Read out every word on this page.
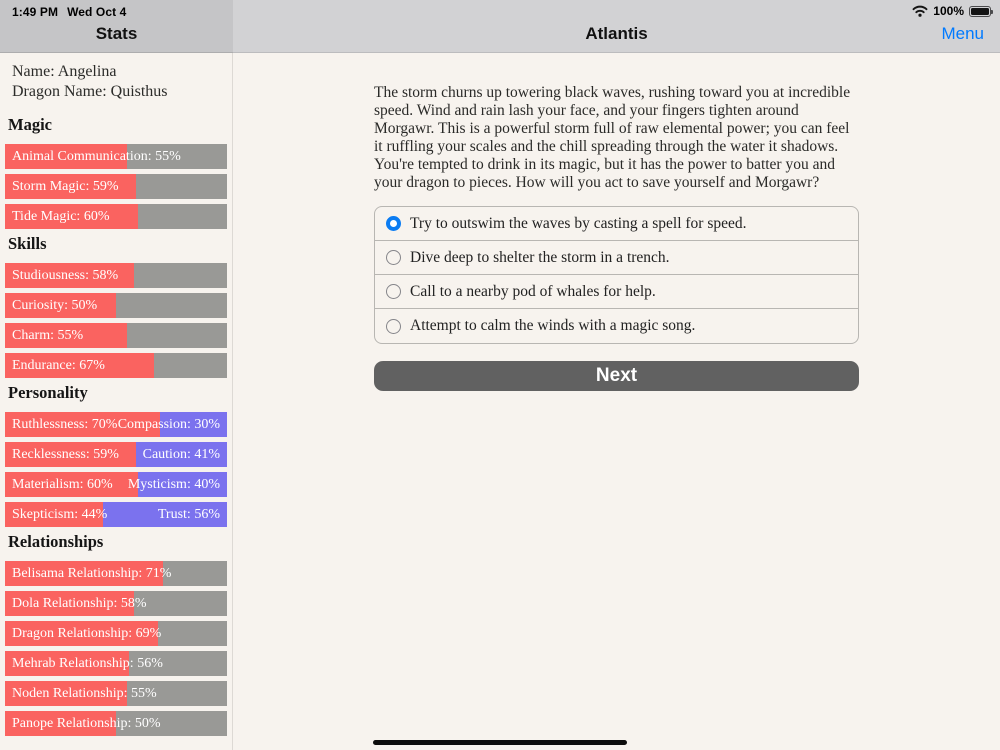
1:49 PM Wed Oct 4
Stats
100%
Atlantis	Menu
Name: Angelina
Dragon Name: Quisthus
Magic
Animal Communication: 55%
Storm Magic: 59%
Tide Magic: 60%
Skills
Studiousness: 58%
Curiosity: 50%
Charm: 55%
Endurance: 67%
Personality
Ruthlessness: 70% Compassion: 30%
Recklessness: 59% Caution: 41%
Materialism: 60% Mysticism: 40%
Skepticism: 44%	Trust: 56%
Relationships
Belisama Relationship: 71%
Dola Relationship: 58%
Dragon Relationship: 69%
Mehrab Relationship: 56%
Noden Relationship: 55%
Panope Relationship: 50%
The storm churns up towering black waves, rushing toward you at incredible speed. Wind and rain lash your face, and your fingers tighten around Morgawr. This is a powerful storm full of raw elemental power; you can feel it ruffling your scales and the chill spreading through the water it shadows. You're tempted to drink in its magic, but it has the power to batter you and your dragon to pieces. How will you act to save yourself and Morgawr?
Try to outswim the waves by casting a spell for speed.
Dive deep to shelter the storm in a trench.
Call to a nearby pod of whales for help.
Attempt to calm the winds with a magic song.
Next
